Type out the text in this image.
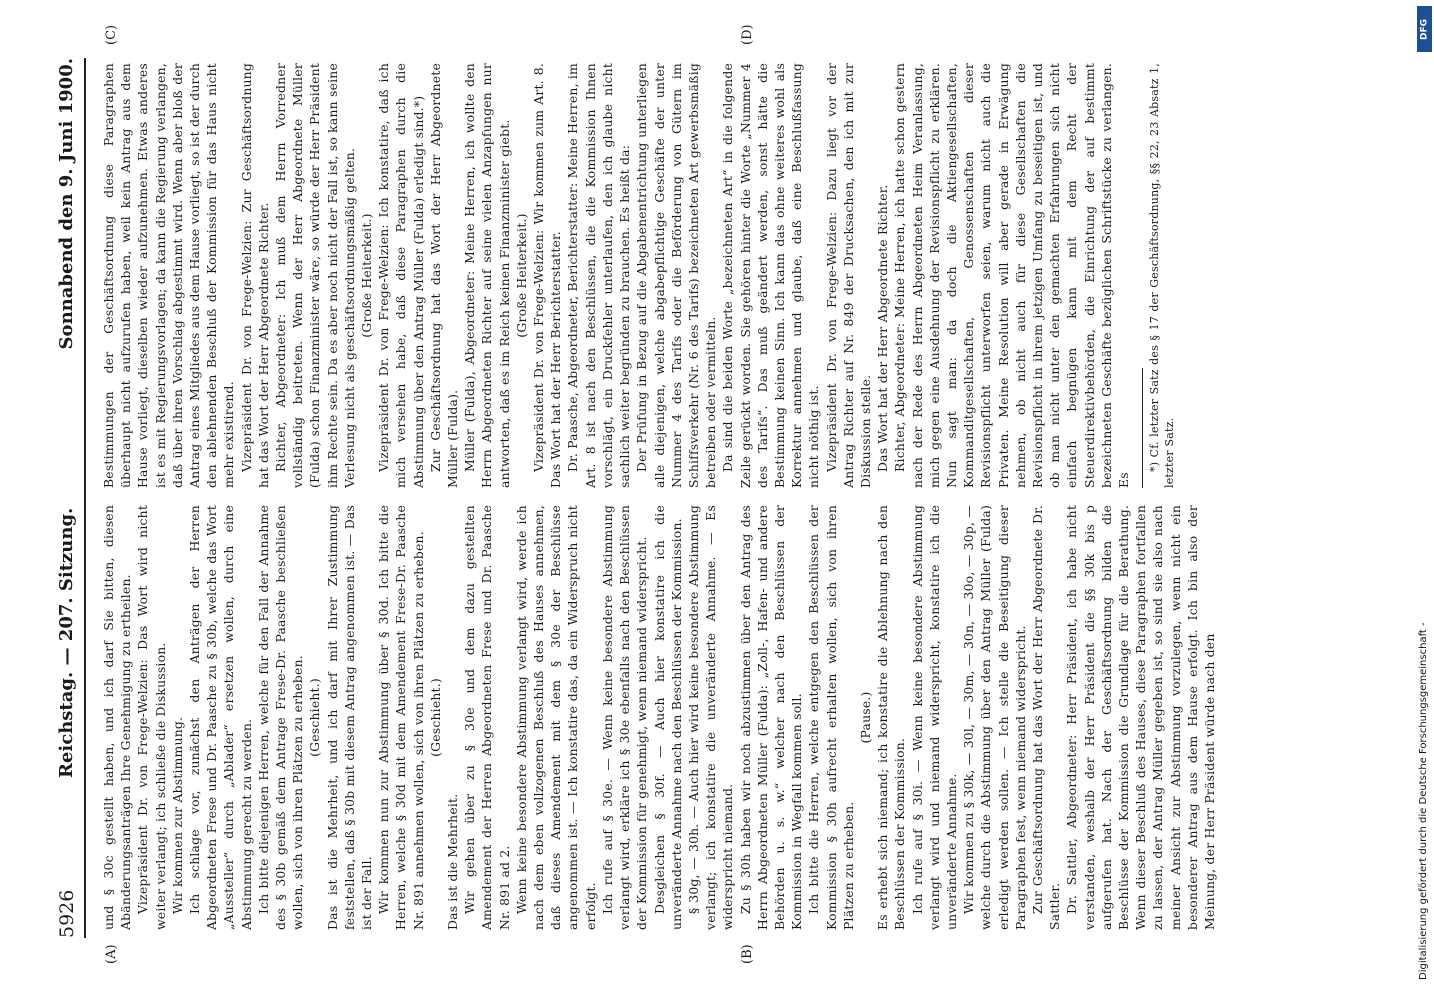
5926
Reichstag. — 207. Sitzung.
Sonnabend den 9. Juni 1900.
(A)	(B)
(C)	(D)

und § 30c gestellt haben, und ich darf Sie bitten, diesen Abänderungsanträgen Ihre Genehmigung zu ertheilen. Vizepräsident Dr. von Frege-Welzien: Das Wort wird nicht weiter verlangt; ich schließe die Diskussion. Wir kommen zur Abstimmung. Ich schlage vor, zunächst den Anträgen der Herren Abgeordneten Frese und Dr. Paasche zu § 30b, welche das Wort „Aussteller“ durch „Ablader“ ersetzen wollen, durch eine Abstimmung gerecht zu werden. Ich bitte diejenigen Herren, welche für den Fall der Annahme des § 30b gemäß dem Antrage Frese-Dr. Paasche beschließen wollen, sich von ihren Plätzen zu erheben. (Geschieht.) Das ist die Mehrheit, und ich darf mit Ihrer Zustimmung feststellen, daß § 30b mit diesem Antrag angenommen ist. — Das ist der Fall. Wir kommen nun zur Abstimmung über § 30d. Ich bitte die Herren, welche § 30d mit dem Amendement Frese-Dr. Paasche Nr. 891 annehmen wollen, sich von ihren Plätzen zu erheben. (Geschieht.)

Das ist die Mehrheit. Wir gehen über zu § 30e und dem dazu gestellten Amendement der Herren Abgeordneten Frese und Dr. Paasche Nr. 891 ad 2. Wenn keine besondere Abstimmung verlangt wird, werde ich nach dem eben vollzogenen Beschluß des Hauses annehmen, daß dieses Amendement mit dem § 30e der Beschlüsse angenommen ist. — Ich konstatire das, da ein Widerspruch nicht erfolgt. Ich rufe auf § 30e. — Wenn keine besondere Abstimmung verlangt wird, erkläre ich § 30e ebenfalls nach den Beschlüssen der Kommission für genehmigt, wenn niemand widerspricht. Desgleichen § 30f. — Auch hier konstatire ich die unveränderte Annahme nach den Beschlüssen der Kommission. § 30g, — 30h. — Auch hier wird keine besondere Abstimmung verlangt; ich konstatire die unveränderte Annahme. — Es widerspricht niemand. Zu § 30h haben wir noch abzustimmen über den Antrag des Herrn Abgeordneten Müller (Fulda): „Zoll-, Hafen- und andere Behörden u. s. w.“ welcher nach den Beschlüssen der Kommission in Wegfall kommen soll. Ich bitte die Herren, welche entgegen den Beschlüssen der Kommission § 30h aufrecht erhalten wollen, sich von ihren Plätzen zu erheben.

(Pause.) Es erhebt sich niemand; ich konstatire die Ablehnung nach den Beschlüssen der Kommission. Ich rufe auf § 30i. — Wenn keine besondere Abstimmung verlangt wird und niemand widerspricht, konstatire ich die unveränderte Annahme. Wir kommen zu § 30k, — 30l, — 30m, — 30n, — 30o, — 30p, — welche durch die Abstimmung über den Antrag Müller (Fulda) erledigt werden sollen. — Ich stelle die Beseitigung dieser Paragraphen fest, wenn niemand widerspricht. Zur Geschäftsordnung hat das Wort der Herr Abgeordnete Dr. Sattler. Dr. Sattler, Abgeordneter: Herr Präsident, ich habe nicht verstanden, weshalb der Herr Präsident die §§ 30k bis p aufgerufen hat. Nach der Geschäftsordnung bilden die Beschlüsse der Kommission die Grundlage für die Berathung. Wenn dieser Beschluß des Hauses, diese Paragraphen fortfallen zu lassen, der Antrag Müller gegeben ist, so sind sie also nach meiner Ansicht zur Abstimmung vorzulegen, wenn nicht ein besonderer Antrag aus dem Hause erfolgt. Ich bin also der Meinung, der Herr Präsident würde nach den

Bestimmungen der Geschäftsordnung diese Paragraphen überhaupt nicht aufzurufen haben, weil kein Antrag aus dem Hause vorliegt, dieselben wieder aufzunehmen. Etwas anderes ist es mit Regierungsvorlagen; da kann die Regierung verlangen, daß über ihren Vorschlag abgestimmt wird. Wenn aber bloß der Antrag eines Mitgliedes aus dem Hause vorliegt, so ist der durch den ablehnenden Beschluß der Kommission für das Haus nicht mehr existirend. Vizepräsident Dr. von Frege-Welzien: Zur Geschäftsordnung hat das Wort der Herr Abgeordnete Richter. Richter, Abgeordneter: Ich muß dem Herrn Vorredner vollständig beitreten. Wenn der Herr Abgeordnete Müller (Fulda) schon Finanzminister wäre, so würde der Herr Präsident ihm Rechte sein. Da es aber noch nicht der Fall ist, so kann seine Verlesung nicht als geschäftsordnungsmäßig gelten. (Große Heiterkeit.) Vizepräsident Dr. von Frege-Welzien: Ich konstatire, daß ich mich versehen habe, daß diese Paragraphen durch die Abstimmung über den Antrag Müller (Fulda) erledigt sind.*) Zur Geschäftsordnung hat das Wort der Herr Abgeordnete Müller (Fulda). Müller (Fulda), Abgeordneter: Meine Herren, ich wollte den Herrn Abgeordneten Richter auf seine vielen Anzapfungen nur antworten, daß es im Reich keinen Finanzminister giebt. (Große Heiterkeit.) Vizepräsident Dr. von Frege-Welzien: Wir kommen zum Art. 8. Das Wort hat der Herr Berichterstatter. Dr. Paasche, Abgeordneter, Berichterstatter: Meine Herren, im Art. 8 ist nach den Beschlüssen, die die Kommission Ihnen vorschlägt, ein Druckfehler unterlaufen, den ich glaube nicht sachlich weiter begründen zu brauchen. Es heißt da: Der Prüfung in Bezug auf die Abgabenentrichtung unterliegen alle diejenigen, welche abgabepflichtige Geschäfte der unter Nummer 4 des Tarifs oder die Beförderung von Gütern im Schiffsverkehr (Nr. 6 des Tarifs) bezeichneten Art gewerbsmäßig betreiben oder vermitteln. Da sind die beiden Worte „bezeichneten Art“ in die folgende Zeile gerückt worden. Sie gehören hinter die Worte „Nummer 4 des Tarifs“. Das muß geändert werden, sonst hätte die Bestimmung keinen Sinn. Ich kann das ohne weiteres wohl als Korrektur annehmen und glaube, daß eine Beschlußfassung nicht nöthig ist. Vizepräsident Dr. von Frege-Welzien: Dazu liegt vor der Antrag Richter auf Nr. 849 der Drucksachen, den ich mit zur Diskussion stelle. Das Wort hat der Herr Abgeordnete Richter. Richter, Abgeordneter: Meine Herren, ich hatte schon gestern nach der Rede des Herrn Abgeordneten Heim Veranlassung, mich gegen eine Ausdehnung der Revisionspflicht zu erklären. Nun sagt man: da doch die Aktiengesellschaften, Kommanditgesellschaften, Genossenschaften dieser Revisionspflicht unterworfen seien, warum nicht auch die Privaten. Meine Resolution will aber gerade in Erwägung nehmen, ob nicht auch für diese Gesellschaften die Revisionspflicht in ihrem jetzigen Umfang zu beseitigen ist, und ob man nicht unter den gemachten Erfahrungen sich nicht einfach begnügen kann mit dem Recht der Steuerdirektivbehörden, die Einrichtung der auf bestimmt bezeichneten Geschäfte bezüglichen Schriftstücke zu verlangen. Es

*) Cf. letzter Satz des § 17 der Geschäftsordnung, §§ 22, 23 Absatz 1, letzter Satz.

DFG
Digitalisierung gefördert durch die Deutsche Forschungsgemeinschaft -
